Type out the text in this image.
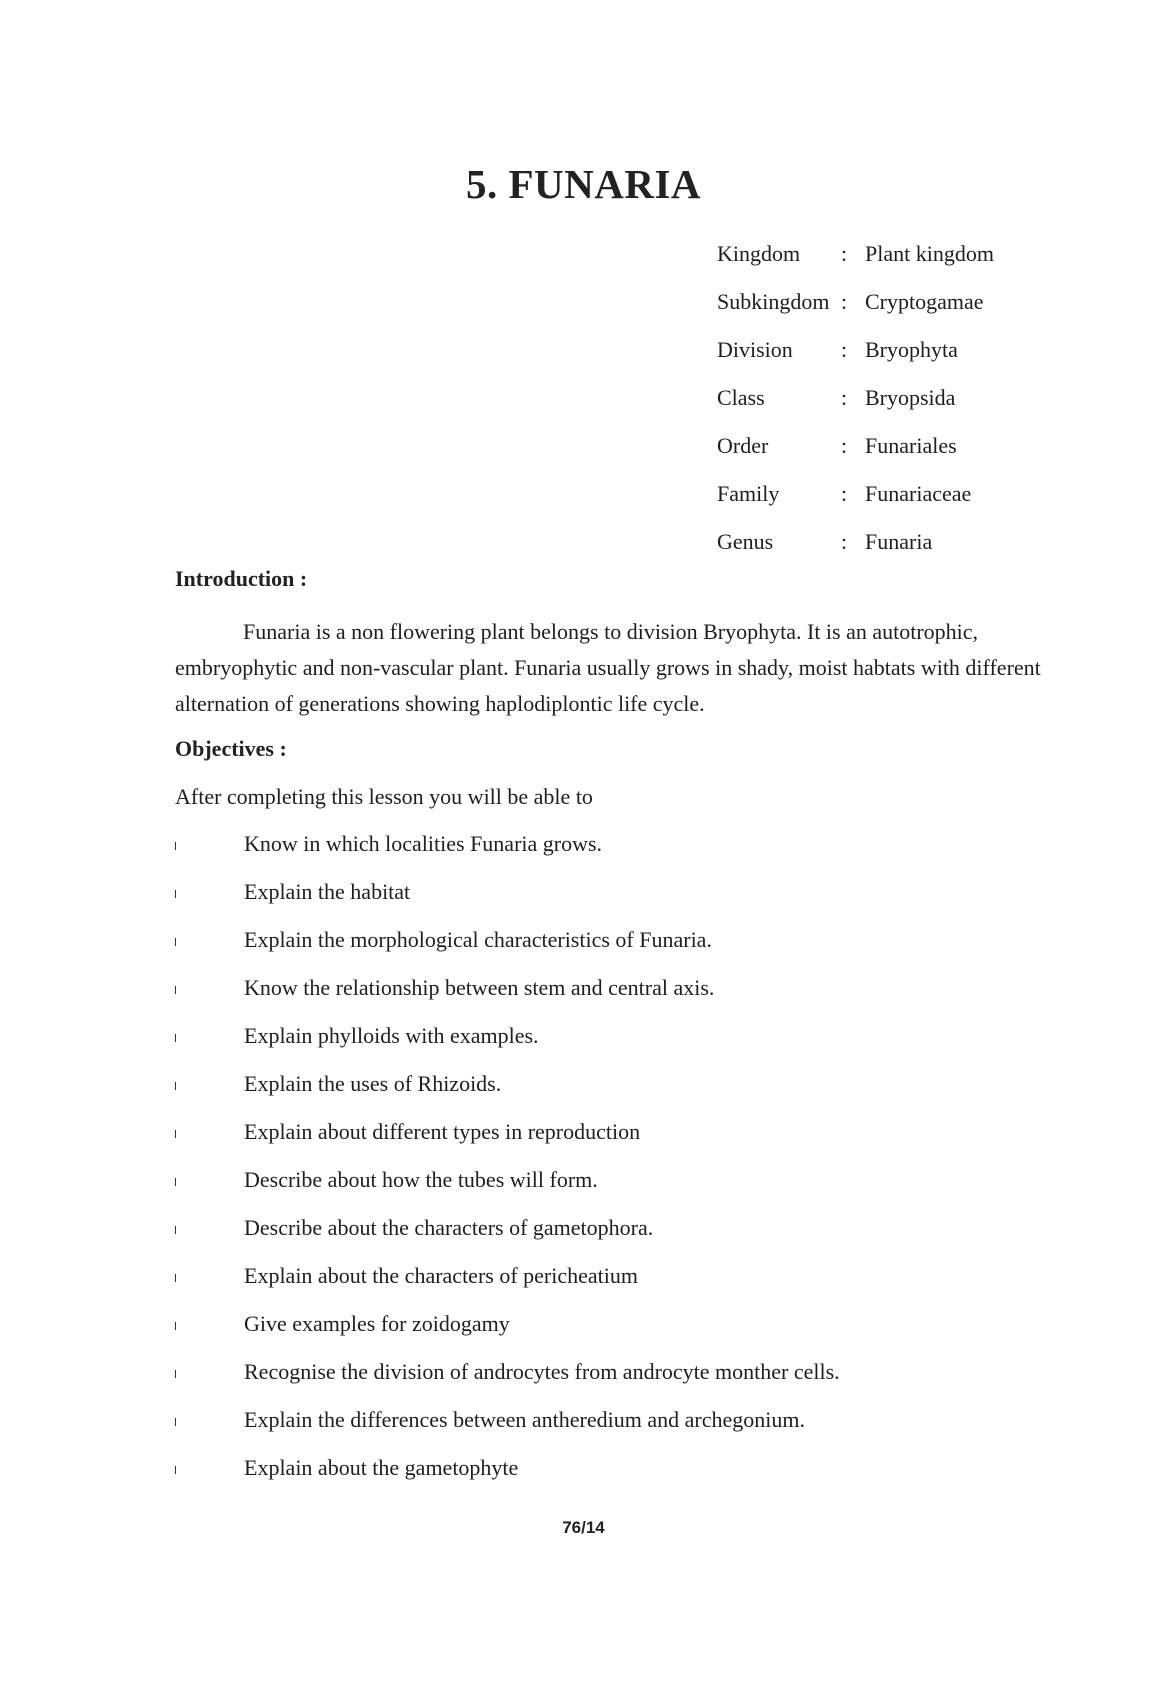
5. FUNARIA
Kingdom	: Plant kingdom
Subkingdom : Cryptogamae
Division	: Bryophyta
Class	: Bryopsida
Order	: Funariales
Family	: Funariaceae
Genus	: Funaria
Introduction :

Funaria is a non flowering plant belongs to division Bryophyta. It is an autotrophic, embryophytic and non-vascular plant. Funaria usually grows in shady, moist habtats with different alternation of generations showing haplodiplontic life cycle.

Objectives :
After completing this lesson you will be able to
Know in which localities Funaria grows.
Explain the habitat
Explain the morphological characteristics of Funaria.
Know the relationship between stem and central axis.
Explain phylloids with examples.
Explain the uses of Rhizoids.
Explain about different types in reproduction
Describe about how the tubes will form.
Describe about the characters of gametophora.
Explain about the characters of pericheatium
Give examples for zoidogamy
Recognise the division of androcytes from androcyte monther cells.
Explain the differences between antheredium and archegonium.
Explain about the gametophyte
76/14
